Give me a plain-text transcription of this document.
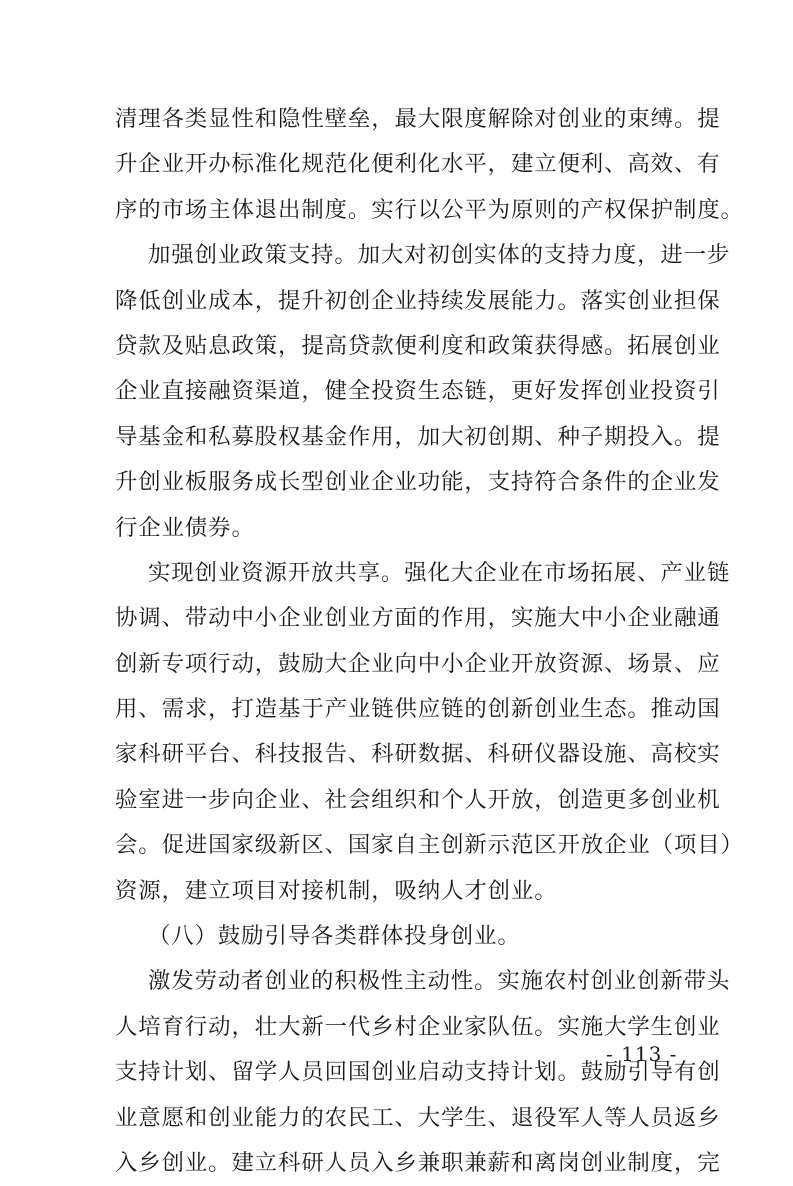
清理各类显性和隐性壁垒，最大限度解除对创业的束缚。提
升企业开办标准化规范化便利化水平，建立便利、高效、有
序的市场主体退出制度。实行以公平为原则的产权保护制度。
加强创业政策支持。加大对初创实体的支持力度，进一步
降低创业成本，提升初创企业持续发展能力。落实创业担保
贷款及贴息政策，提高贷款便利度和政策获得感。拓展创业
企业直接融资渠道，健全投资生态链，更好发挥创业投资引
导基金和私募股权基金作用，加大初创期、种子期投入。提
升创业板服务成长型创业企业功能，支持符合条件的企业发
行企业债券。
实现创业资源开放共享。强化大企业在市场拓展、产业链
协调、带动中小企业创业方面的作用，实施大中小企业融通
创新专项行动，鼓励大企业向中小企业开放资源、场景、应
用、需求，打造基于产业链供应链的创新创业生态。推动国
家科研平台、科技报告、科研数据、科研仪器设施、高校实
验室进一步向企业、社会组织和个人开放，创造更多创业机
会。促进国家级新区、国家自主创新示范区开放企业（项目）
资源，建立项目对接机制，吸纳人才创业。
（八）鼓励引导各类群体投身创业。
激发劳动者创业的积极性主动性。实施农村创业创新带头
人培育行动，壮大新一代乡村企业家队伍。实施大学生创业
支持计划、留学人员回国创业启动支持计划。鼓励引导有创
业意愿和创业能力的农民工、大学生、退役军人等人员返乡
入乡创业。建立科研人员入乡兼职兼薪和离岗创业制度，完
- 113 -
